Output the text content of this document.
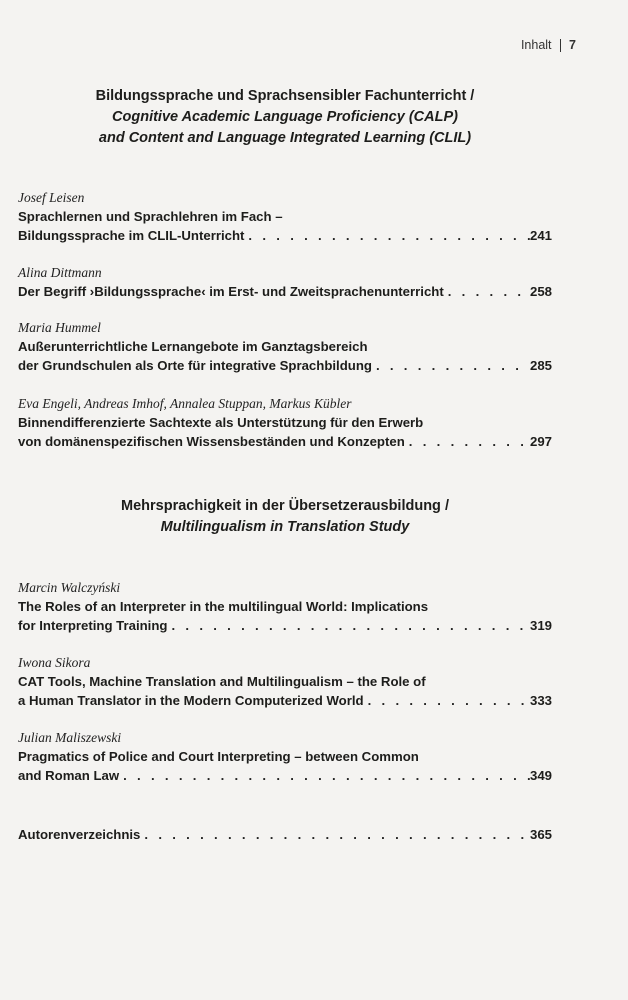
Inhalt 7
Bildungssprache und Sprachsensibler Fachunterricht /
Cognitive Academic Language Proficiency (CALP)
and Content and Language Integrated Learning (CLIL)
Josef Leisen
Sprachlernen und Sprachlehren im Fach –
Bildungssprache im CLIL-Unterricht . . .	241
Alina Dittmann
Der Begriff ›Bildungssprache‹ im Erst- und Zweitsprachenunterricht . . .	258
Maria Hummel
Außerunterrichtliche Lernangebote im Ganztagsbereich
der Grundschulen als Orte für integrative Sprachbildung . . .	285
Eva Engeli, Andreas Imhof, Annalea Stuppan, Markus Kübler
Binnendifferenzierte Sachtexte als Unterstützung für den Erwerb
von domänenspezifischen Wissensbeständen und Konzepten . . .	297
Mehrsprachigkeit in der Übersetzerausbildung /
Multilingualism in Translation Study
Marcin Walczyński
The Roles of an Interpreter in the multilingual World: Implications
for Interpreting Training . . .	319
Iwona Sikora
CAT Tools, Machine Translation and Multilingualism – the Role of
a Human Translator in the Modern Computerized World . . .	333
Julian Maliszewski
Pragmatics of Police and Court Interpreting – between Common
and Roman Law . . .	349
Autorenverzeichnis . . .	365
